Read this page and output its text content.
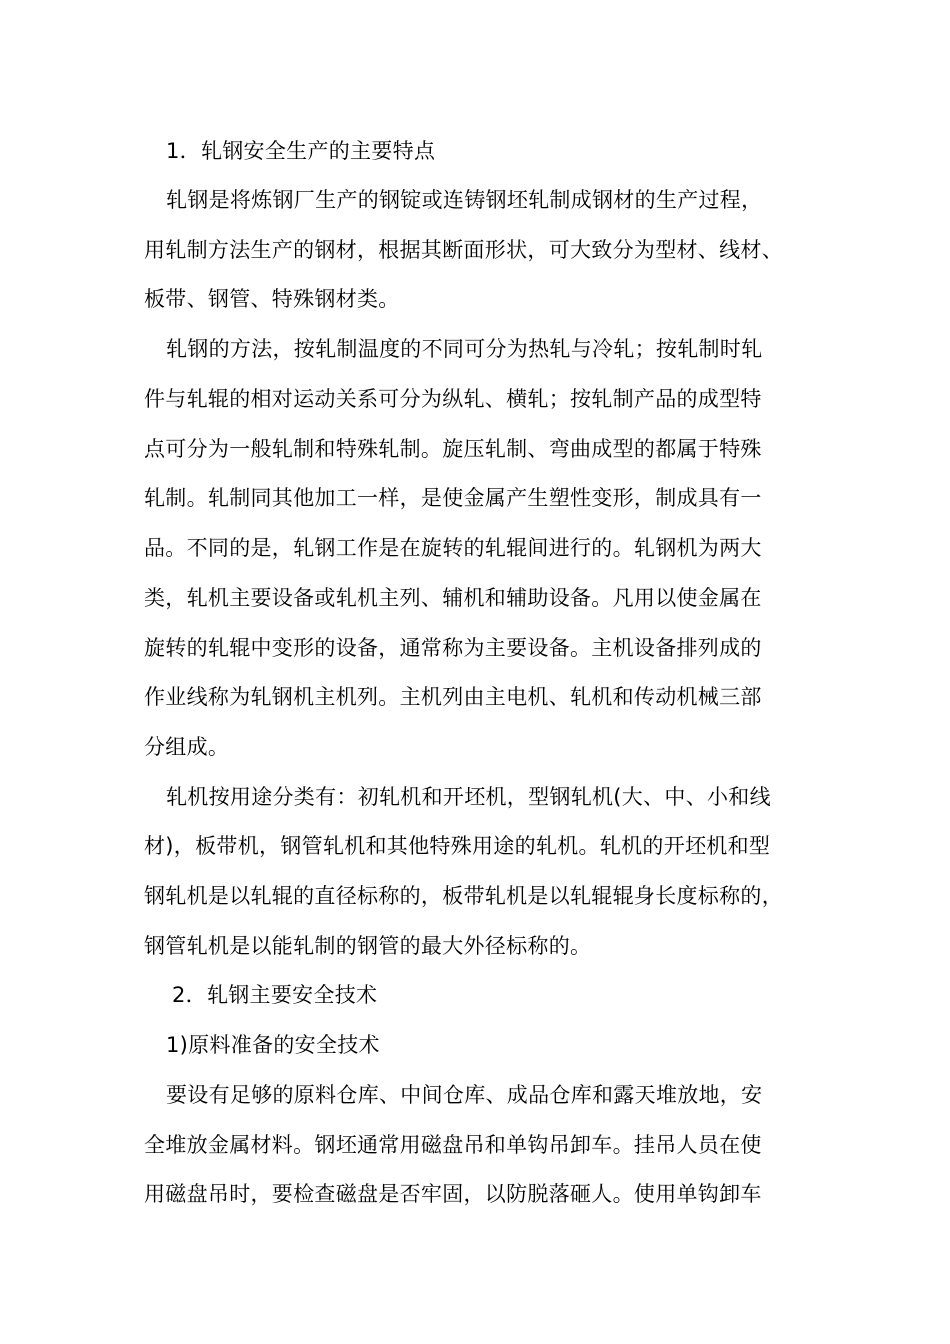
1．轧钢安全生产的主要特点
轧钢是将炼钢厂生产的钢锭或连铸钢坯轧制成钢材的生产过程，
用轧制方法生产的钢材，根据其断面形状，可大致分为型材、线材、
板带、钢管、特殊钢材类。
轧钢的方法，按轧制温度的不同可分为热轧与冷轧；按轧制时轧
件与轧辊的相对运动关系可分为纵轧、横轧；按轧制产品的成型特
点可分为一般轧制和特殊轧制。旋压轧制、弯曲成型的都属于特殊
轧制。轧制同其他加工一样，是使金属产生塑性变形，制成具有一
品。不同的是，轧钢工作是在旋转的轧辊间进行的。轧钢机为两大
类，轧机主要设备或轧机主列、辅机和辅助设备。凡用以使金属在
旋转的轧辊中变形的设备，通常称为主要设备。主机设备排列成的
作业线称为轧钢机主机列。主机列由主电机、轧机和传动机械三部
分组成。
轧机按用途分类有：初轧机和开坯机，型钢轧机(大、中、小和线
材)，板带机，钢管轧机和其他特殊用途的轧机。轧机的开坯机和型
钢轧机是以轧辊的直径标称的，板带轧机是以轧辊辊身长度标称的，
钢管轧机是以能轧制的钢管的最大外径标称的。
2．轧钢主要安全技术
1)原料准备的安全技术
要设有足够的原料仓库、中间仓库、成品仓库和露天堆放地，安
全堆放金属材料。钢坯通常用磁盘吊和单钩吊卸车。挂吊人员在使
用磁盘吊时，要检查磁盘是否牢固，以防脱落砸人。使用单钩卸车
